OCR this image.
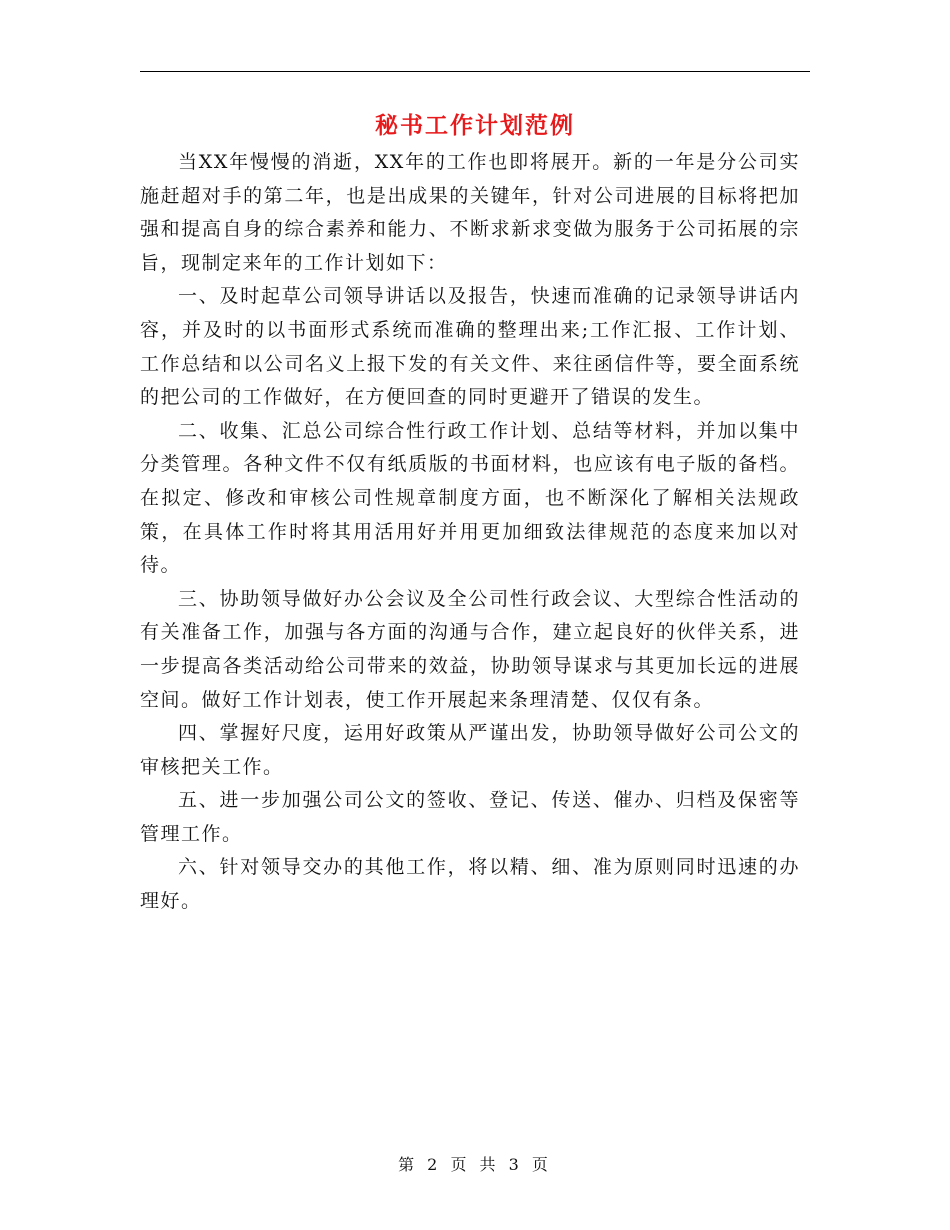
秘书工作计划范例

当XX年慢慢的消逝，XX年的工作也即将展开。新的一年是分公司实施赶超对手的第二年，也是出成果的关键年，针对公司进展的目标将把加强和提高自身的综合素养和能力、不断求新求变做为服务于公司拓展的宗旨，现制定来年的工作计划如下：

一、及时起草公司领导讲话以及报告，快速而准确的记录领导讲话内容，并及时的以书面形式系统而准确的整理出来;工作汇报、工作计划、工作总结和以公司名义上报下发的有关文件、来往函信件等，要全面系统的把公司的工作做好，在方便回查的同时更避开了错误的发生。

二、收集、汇总公司综合性行政工作计划、总结等材料，并加以集中分类管理。各种文件不仅有纸质版的书面材料，也应该有电子版的备档。在拟定、修改和审核公司性规章制度方面，也不断深化了解相关法规政策，在具体工作时将其用活用好并用更加细致法律规范的态度来加以对待。

三、协助领导做好办公会议及全公司性行政会议、大型综合性活动的有关准备工作，加强与各方面的沟通与合作，建立起良好的伙伴关系，进一步提高各类活动给公司带来的效益，协助领导谋求与其更加长远的进展空间。做好工作计划表，使工作开展起来条理清楚、仅仅有条。

四、掌握好尺度，运用好政策从严谨出发，协助领导做好公司公文的审核把关工作。

五、进一步加强公司公文的签收、登记、传送、催办、归档及保密等管理工作。

六、针对领导交办的其他工作，将以精、细、准为原则同时迅速的办理好。

第 2 页 共 3 页
